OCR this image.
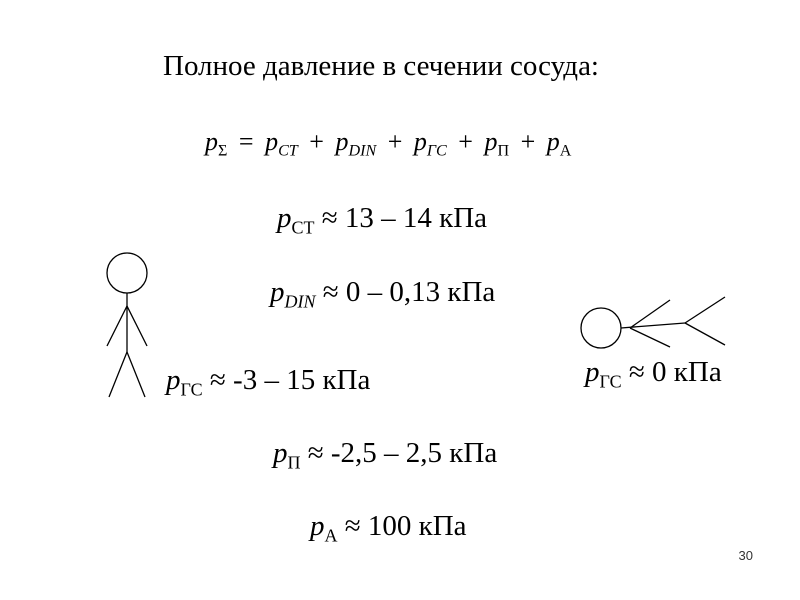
Полное давление в сечении сосуда:
$p_\Sigma = p_{CT} + p_{DIN} + p_{ГС} + p_П + p_А$
$p_{CT} \approx 13 - 14$ кПа
$p_{DIN} \approx 0 - 0,13$ кПа
$p_{ГС} \approx -3 - 15$ кПа	$p_{ГС} \approx 0$ кПа
$p_П \approx -2,5 - 2,5$ кПа
$p_А \approx 100$ кПа
30
